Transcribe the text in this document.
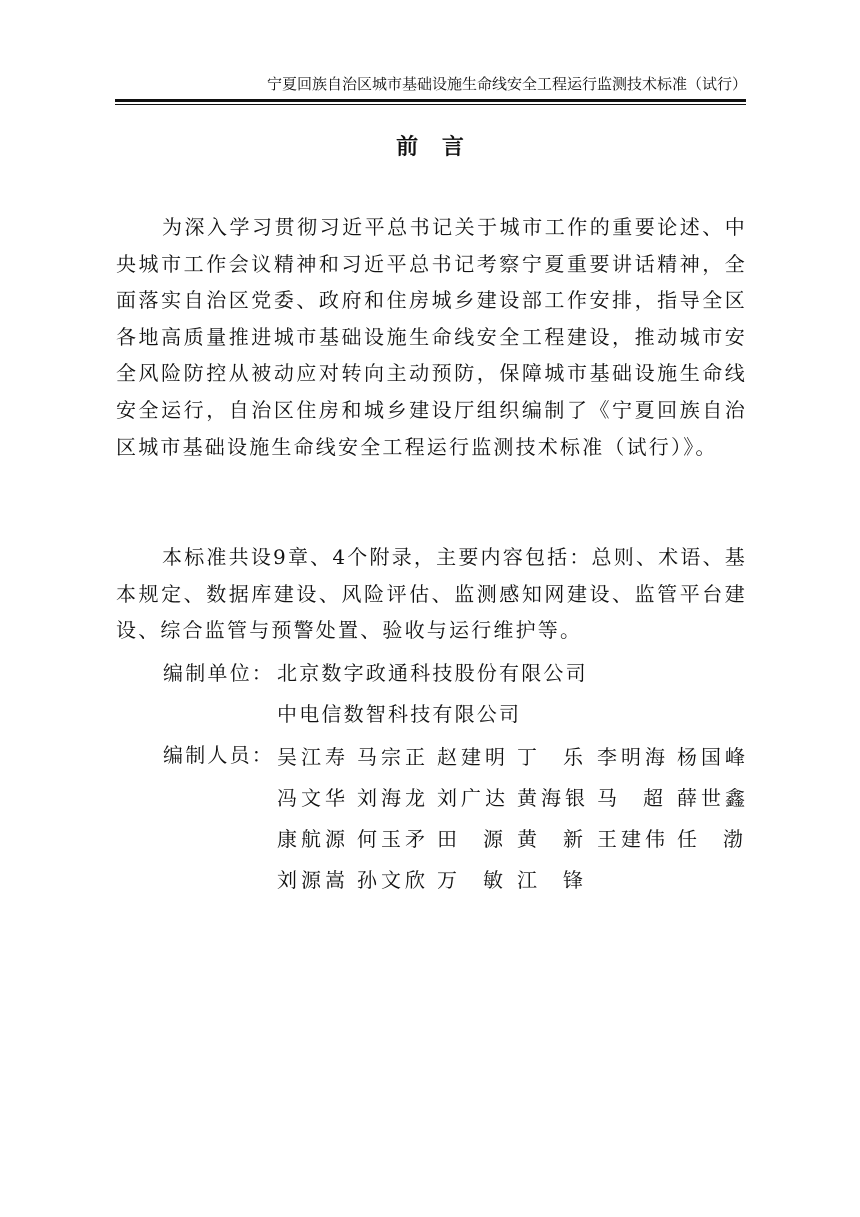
宁夏回族自治区城市基础设施生命线安全工程运行监测技术标准（试行）
前 言
为深入学习贯彻习近平总书记关于城市工作的重要论述、中央城市工作会议精神和习近平总书记考察宁夏重要讲话精神，全面落实自治区党委、政府和住房城乡建设部工作安排，指导全区各地高质量推进城市基础设施生命线安全工程建设，推动城市安全风险防控从被动应对转向主动预防，保障城市基础设施生命线安全运行，自治区住房和城乡建设厅组织编制了《宁夏回族自治区城市基础设施生命线安全工程运行监测技术标准（试行）》。
本标准共设9章、4个附录，主要内容包括：总则、术语、基本规定、数据库建设、风险评估、监测感知网建设、监管平台建设、综合监管与预警处置、验收与运行维护等。
编制单位： 北京数字政通科技股份有限公司
中电信数智科技有限公司
编制人员： 吴 江 寿 马 宗 正 赵 建 明 丁 乐 李 明 海 杨 国 峰
冯 文 华 刘 海 龙 刘 广 达 黄 海 银 马 超 薛 世 鑫
康 航 源 何 玉 矛 田 源 黄 新 王 建 伟 任 渤
刘 源 嵩 孙 文 欣 万 敏 江 锋
